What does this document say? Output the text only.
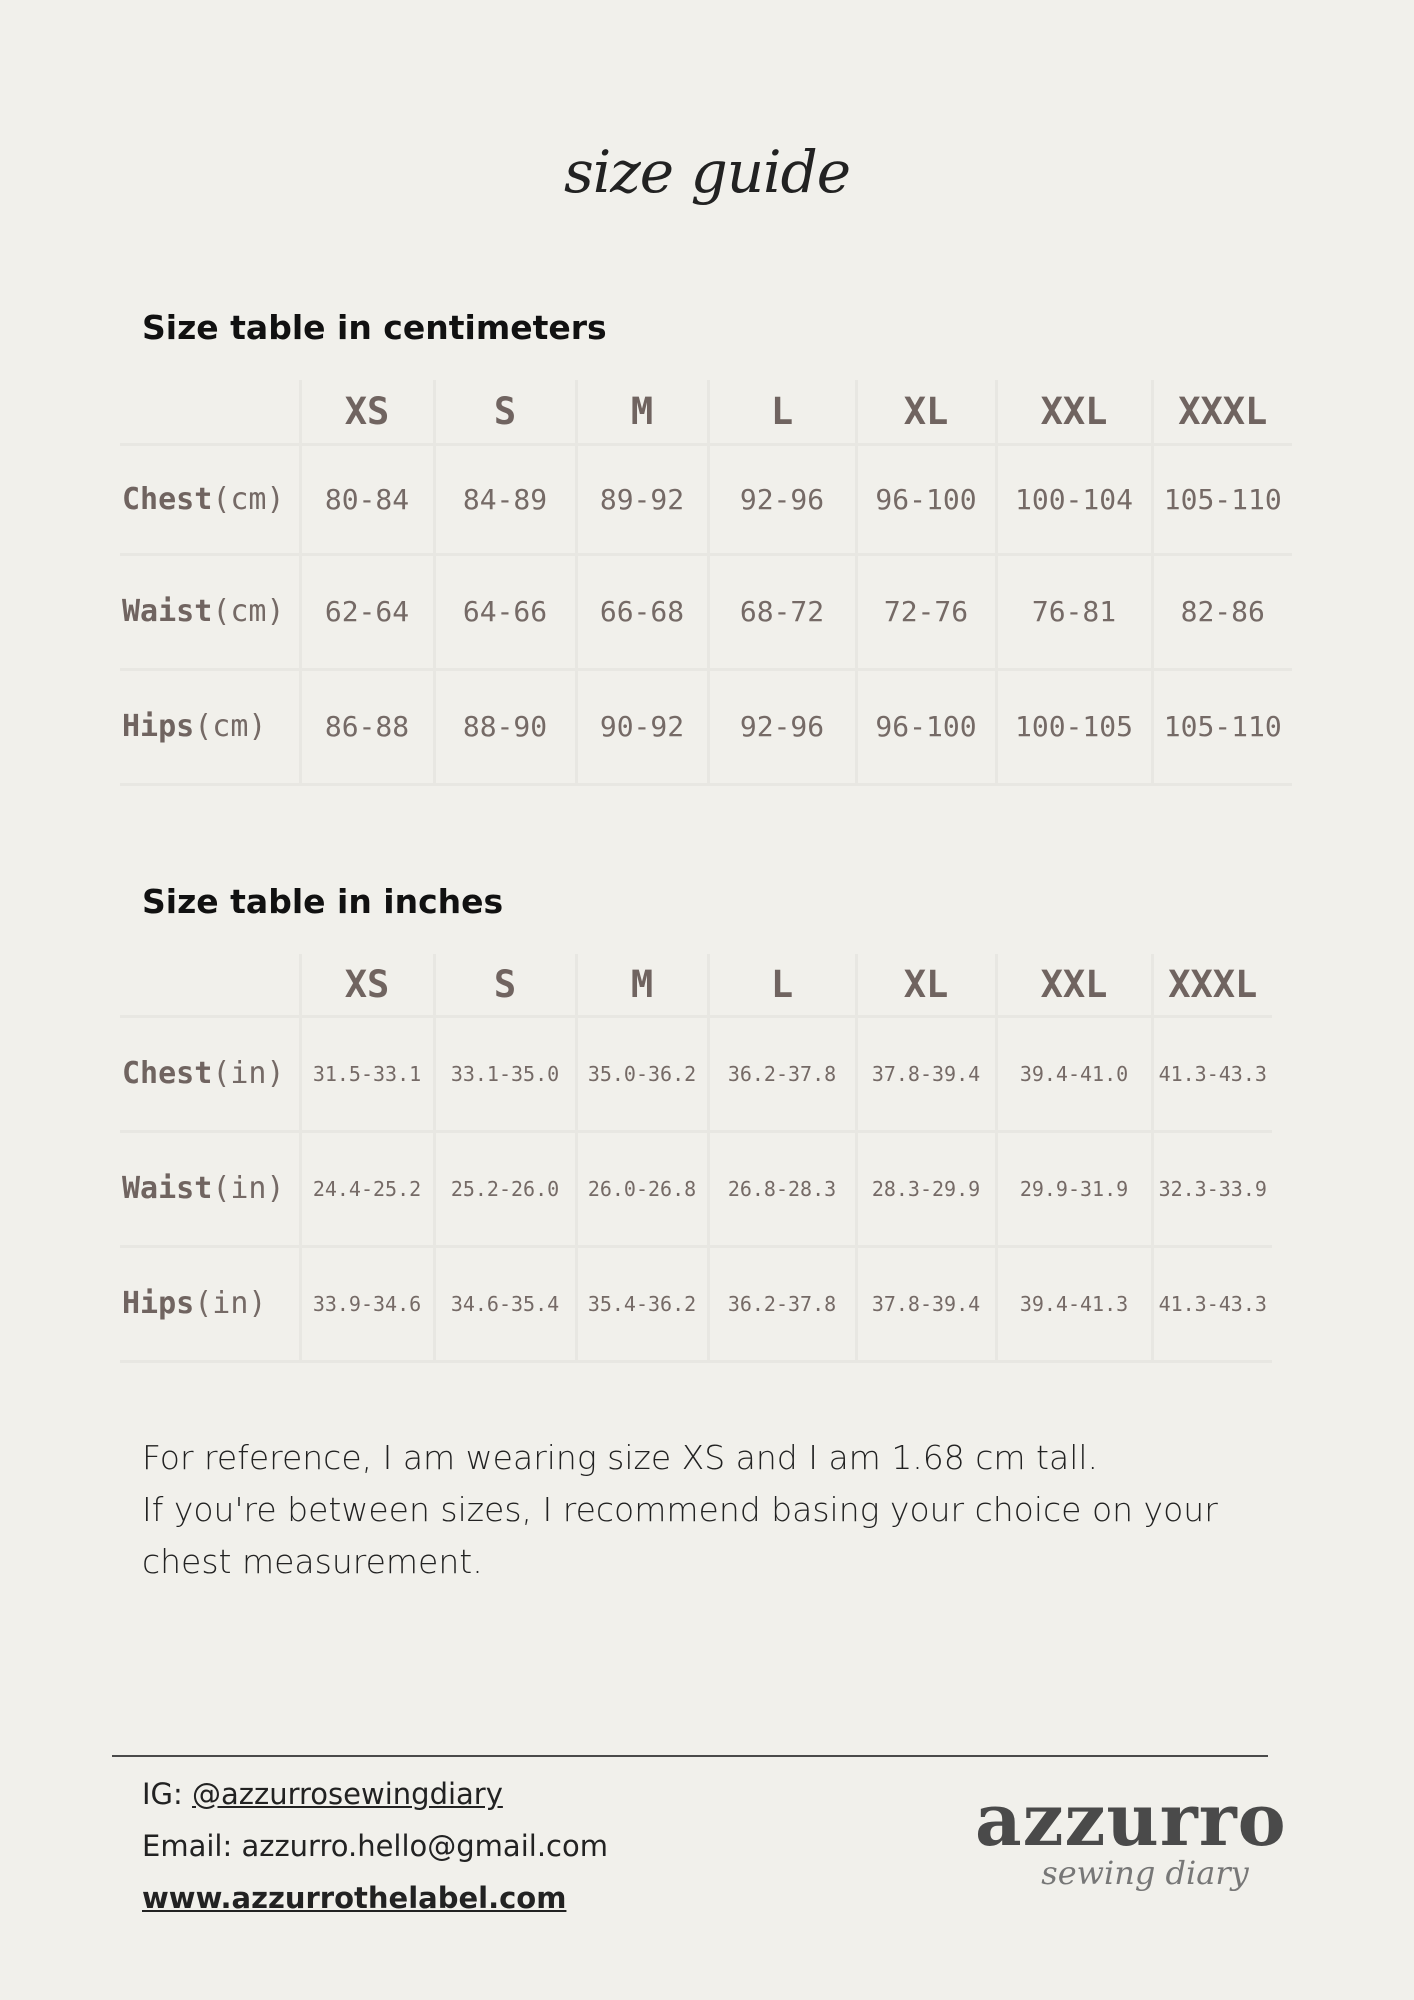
size guide
Size table in centimeters
	XS	S	M	L	XL	XXL	XXXL
Chest(cm)	80-84	84-89	89-92	92-96	96-100	100-104	105-110
Waist(cm)	62-64	64-66	66-68	68-72	72-76	76-81	82-86
Hips(cm)	86-88	88-90	90-92	92-96	96-100	100-105	105-110
Size table in inches
	XS	S	M	L	XL	XXL	XXXL
Chest(in)	31.5-33.1	33.1-35.0	35.0-36.2	36.2-37.8	37.8-39.4	39.4-41.0	41.3-43.3
Waist(in)	24.4-25.2	25.2-26.0	26.0-26.8	26.8-28.3	28.3-29.9	29.9-31.9	32.3-33.9
Hips(in)	33.9-34.6	34.6-35.4	35.4-36.2	36.2-37.8	37.8-39.4	39.4-41.3	41.3-43.3

For reference, I am wearing size XS and I am 1.68 cm tall.

If you're between sizes, I recommend basing your choice on your chest measurement.

IG: @azzurrosewingdiary
Email: azzurro.hello@gmail.com
www.azzurrothelabel.com
azzurro
sewing diary
